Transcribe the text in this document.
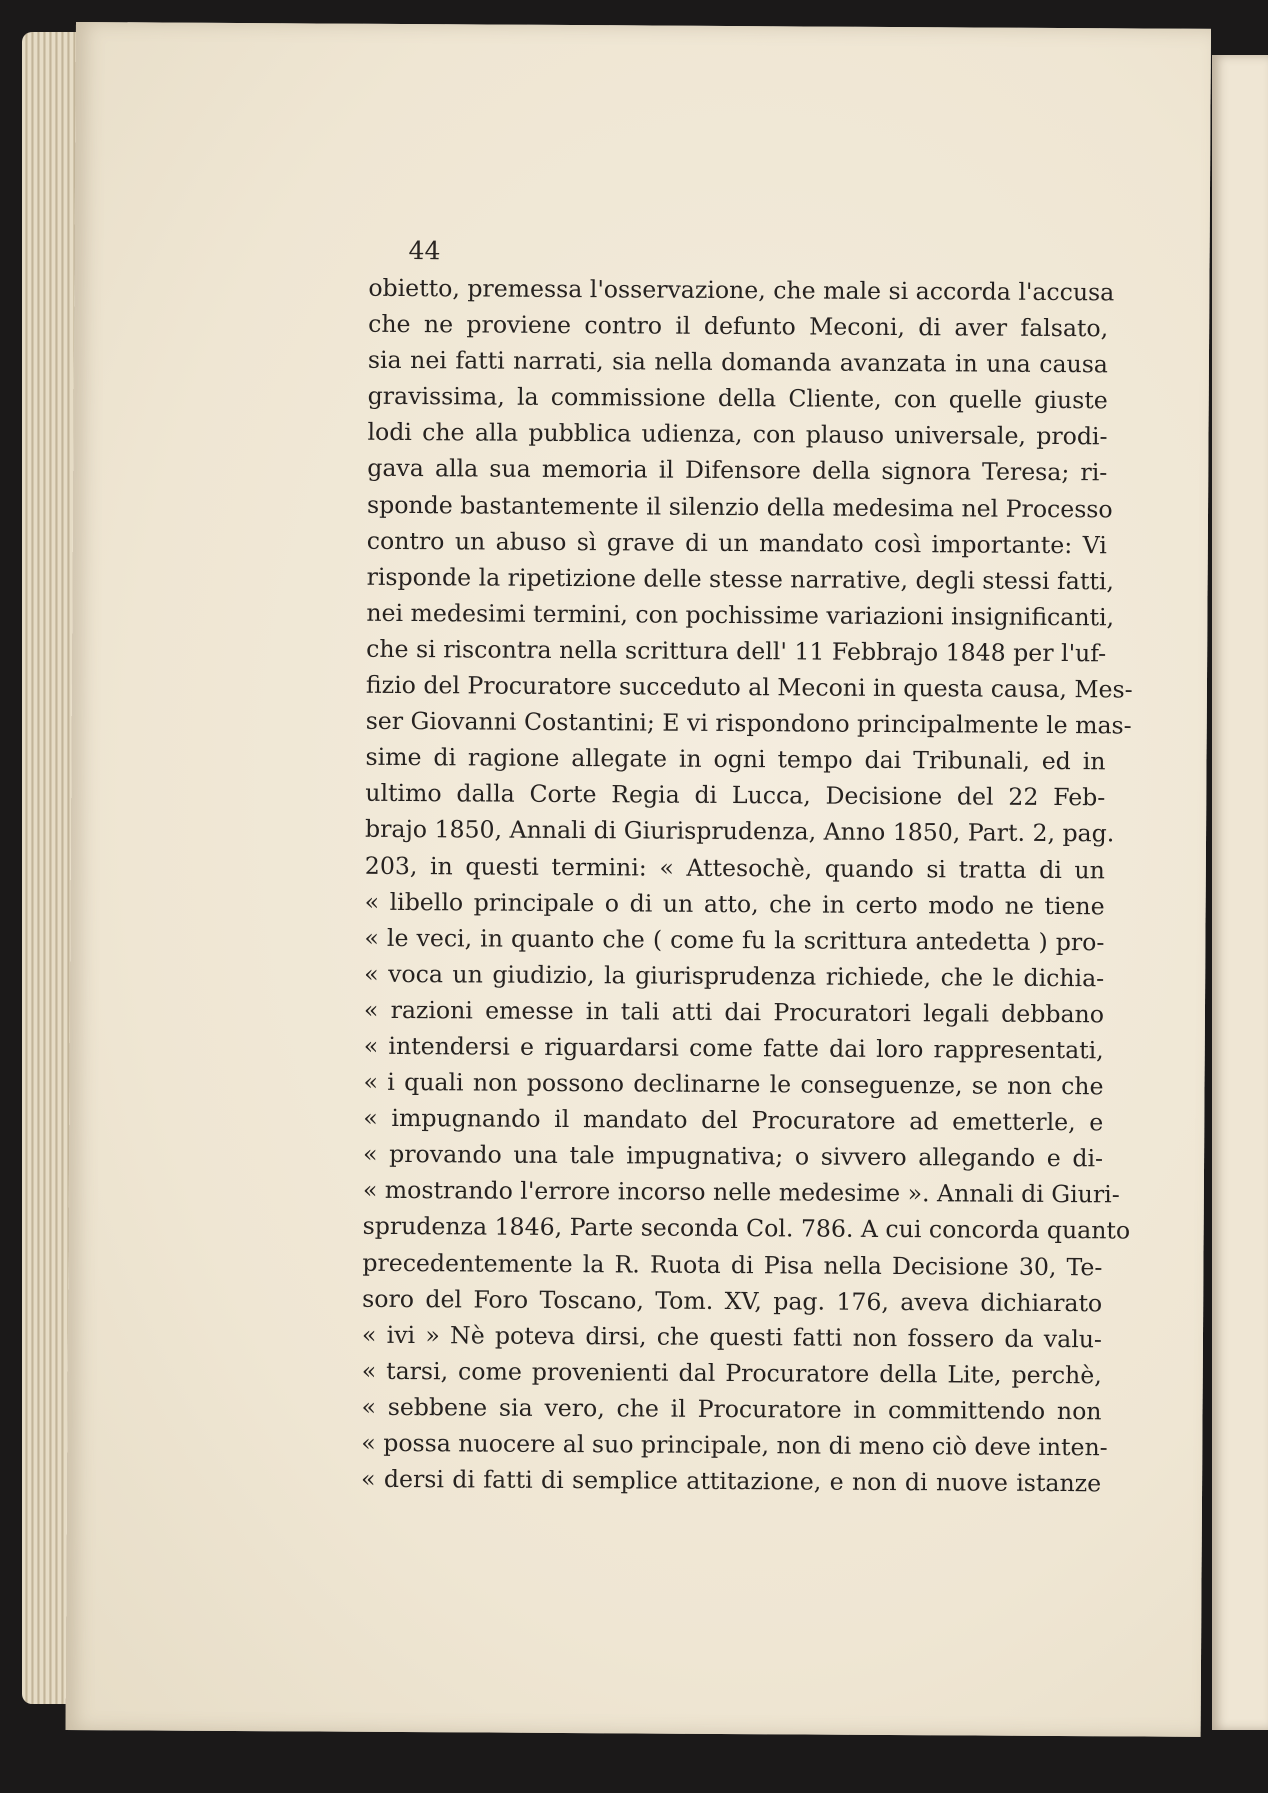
44
obietto, premessa l'osservazione, che male si accorda l'accusa
che ne proviene contro il defunto Meconi, di aver falsato,
sia nei fatti narrati, sia nella domanda avanzata in una causa
gravissima, la commissione della Cliente, con quelle giuste
lodi che alla pubblica udienza, con plauso universale, prodi-
gava alla sua memoria il Difensore della signora Teresa; ri-
sponde bastantemente il silenzio della medesima nel Processo
contro un abuso sì grave di un mandato così importante: Vi
risponde la ripetizione delle stesse narrative, degli stessi fatti,
nei medesimi termini, con pochissime variazioni insignificanti,
che si riscontra nella scrittura dell' 11 Febbrajo 1848 per l'uf-
fizio del Procuratore succeduto al Meconi in questa causa, Mes-
ser Giovanni Costantini; E vi rispondono principalmente le mas-
sime di ragione allegate in ogni tempo dai Tribunali, ed in
ultimo dalla Corte Regia di Lucca, Decisione del 22 Feb-
brajo 1850, Annali di Giurisprudenza, Anno 1850, Part. 2, pag.
203, in questi termini: « Attesochè, quando si tratta di un
« libello principale o di un atto, che in certo modo ne tiene
« le veci, in quanto che ( come fu la scrittura antedetta ) pro-
« voca un giudizio, la giurisprudenza richiede, che le dichia-
« razioni emesse in tali atti dai Procuratori legali debbano
« intendersi e riguardarsi come fatte dai loro rappresentati,
« i quali non possono declinarne le conseguenze, se non che
« impugnando il mandato del Procuratore ad emetterle, e
« provando una tale impugnativa; o sivvero allegando e di-
« mostrando l'errore incorso nelle medesime ». Annali di Giuri-
sprudenza 1846, Parte seconda Col. 786. A cui concorda quanto
precedentemente la R. Ruota di Pisa nella Decisione 30, Te-
soro del Foro Toscano, Tom. XV, pag. 176, aveva dichiarato
« ivi » Nè poteva dirsi, che questi fatti non fossero da valu-
« tarsi, come provenienti dal Procuratore della Lite, perchè,
« sebbene sia vero, che il Procuratore in committendo non
« possa nuocere al suo principale, non di meno ciò deve inten-
« dersi di fatti di semplice attitazione, e non di nuove istanze
